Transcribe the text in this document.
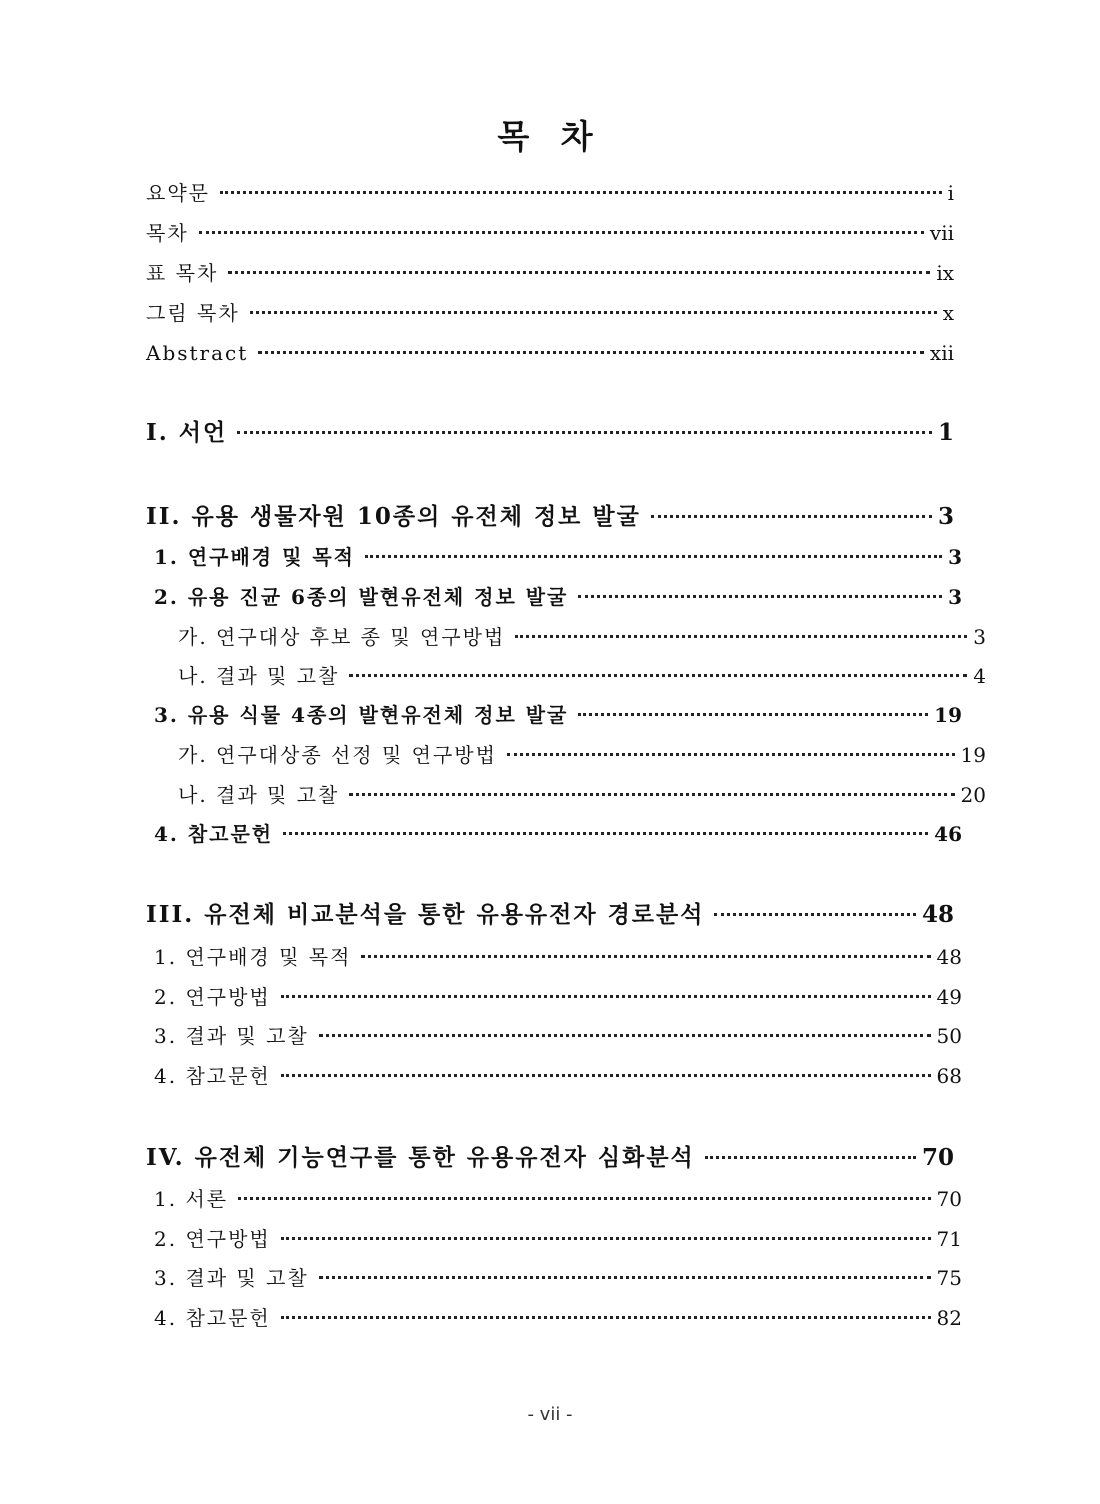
목 차
요약문	i
목차	vii
표 목차	ix
그림 목차	x
Abstract	xii
I. 서언	1
II. 유용 생물자원 10종의 유전체 정보 발굴	3
1. 연구배경 및 목적	3
2. 유용 진균 6종의 발현유전체 정보 발굴	3
가. 연구대상 후보 종 및 연구방법	3
나. 결과 및 고찰	4
3. 유용 식물 4종의 발현유전체 정보 발굴	19
가. 연구대상종 선정 및 연구방법	19
나. 결과 및 고찰	20
4. 참고문헌	46
III. 유전체 비교분석을 통한 유용유전자 경로분석	48
1. 연구배경 및 목적	48
2. 연구방법	49
3. 결과 및 고찰	50
4. 참고문헌	68
IV. 유전체 기능연구를 통한 유용유전자 심화분석	70
1. 서론	70
2. 연구방법	71
3. 결과 및 고찰	75
4. 참고문헌	82
- vii -
